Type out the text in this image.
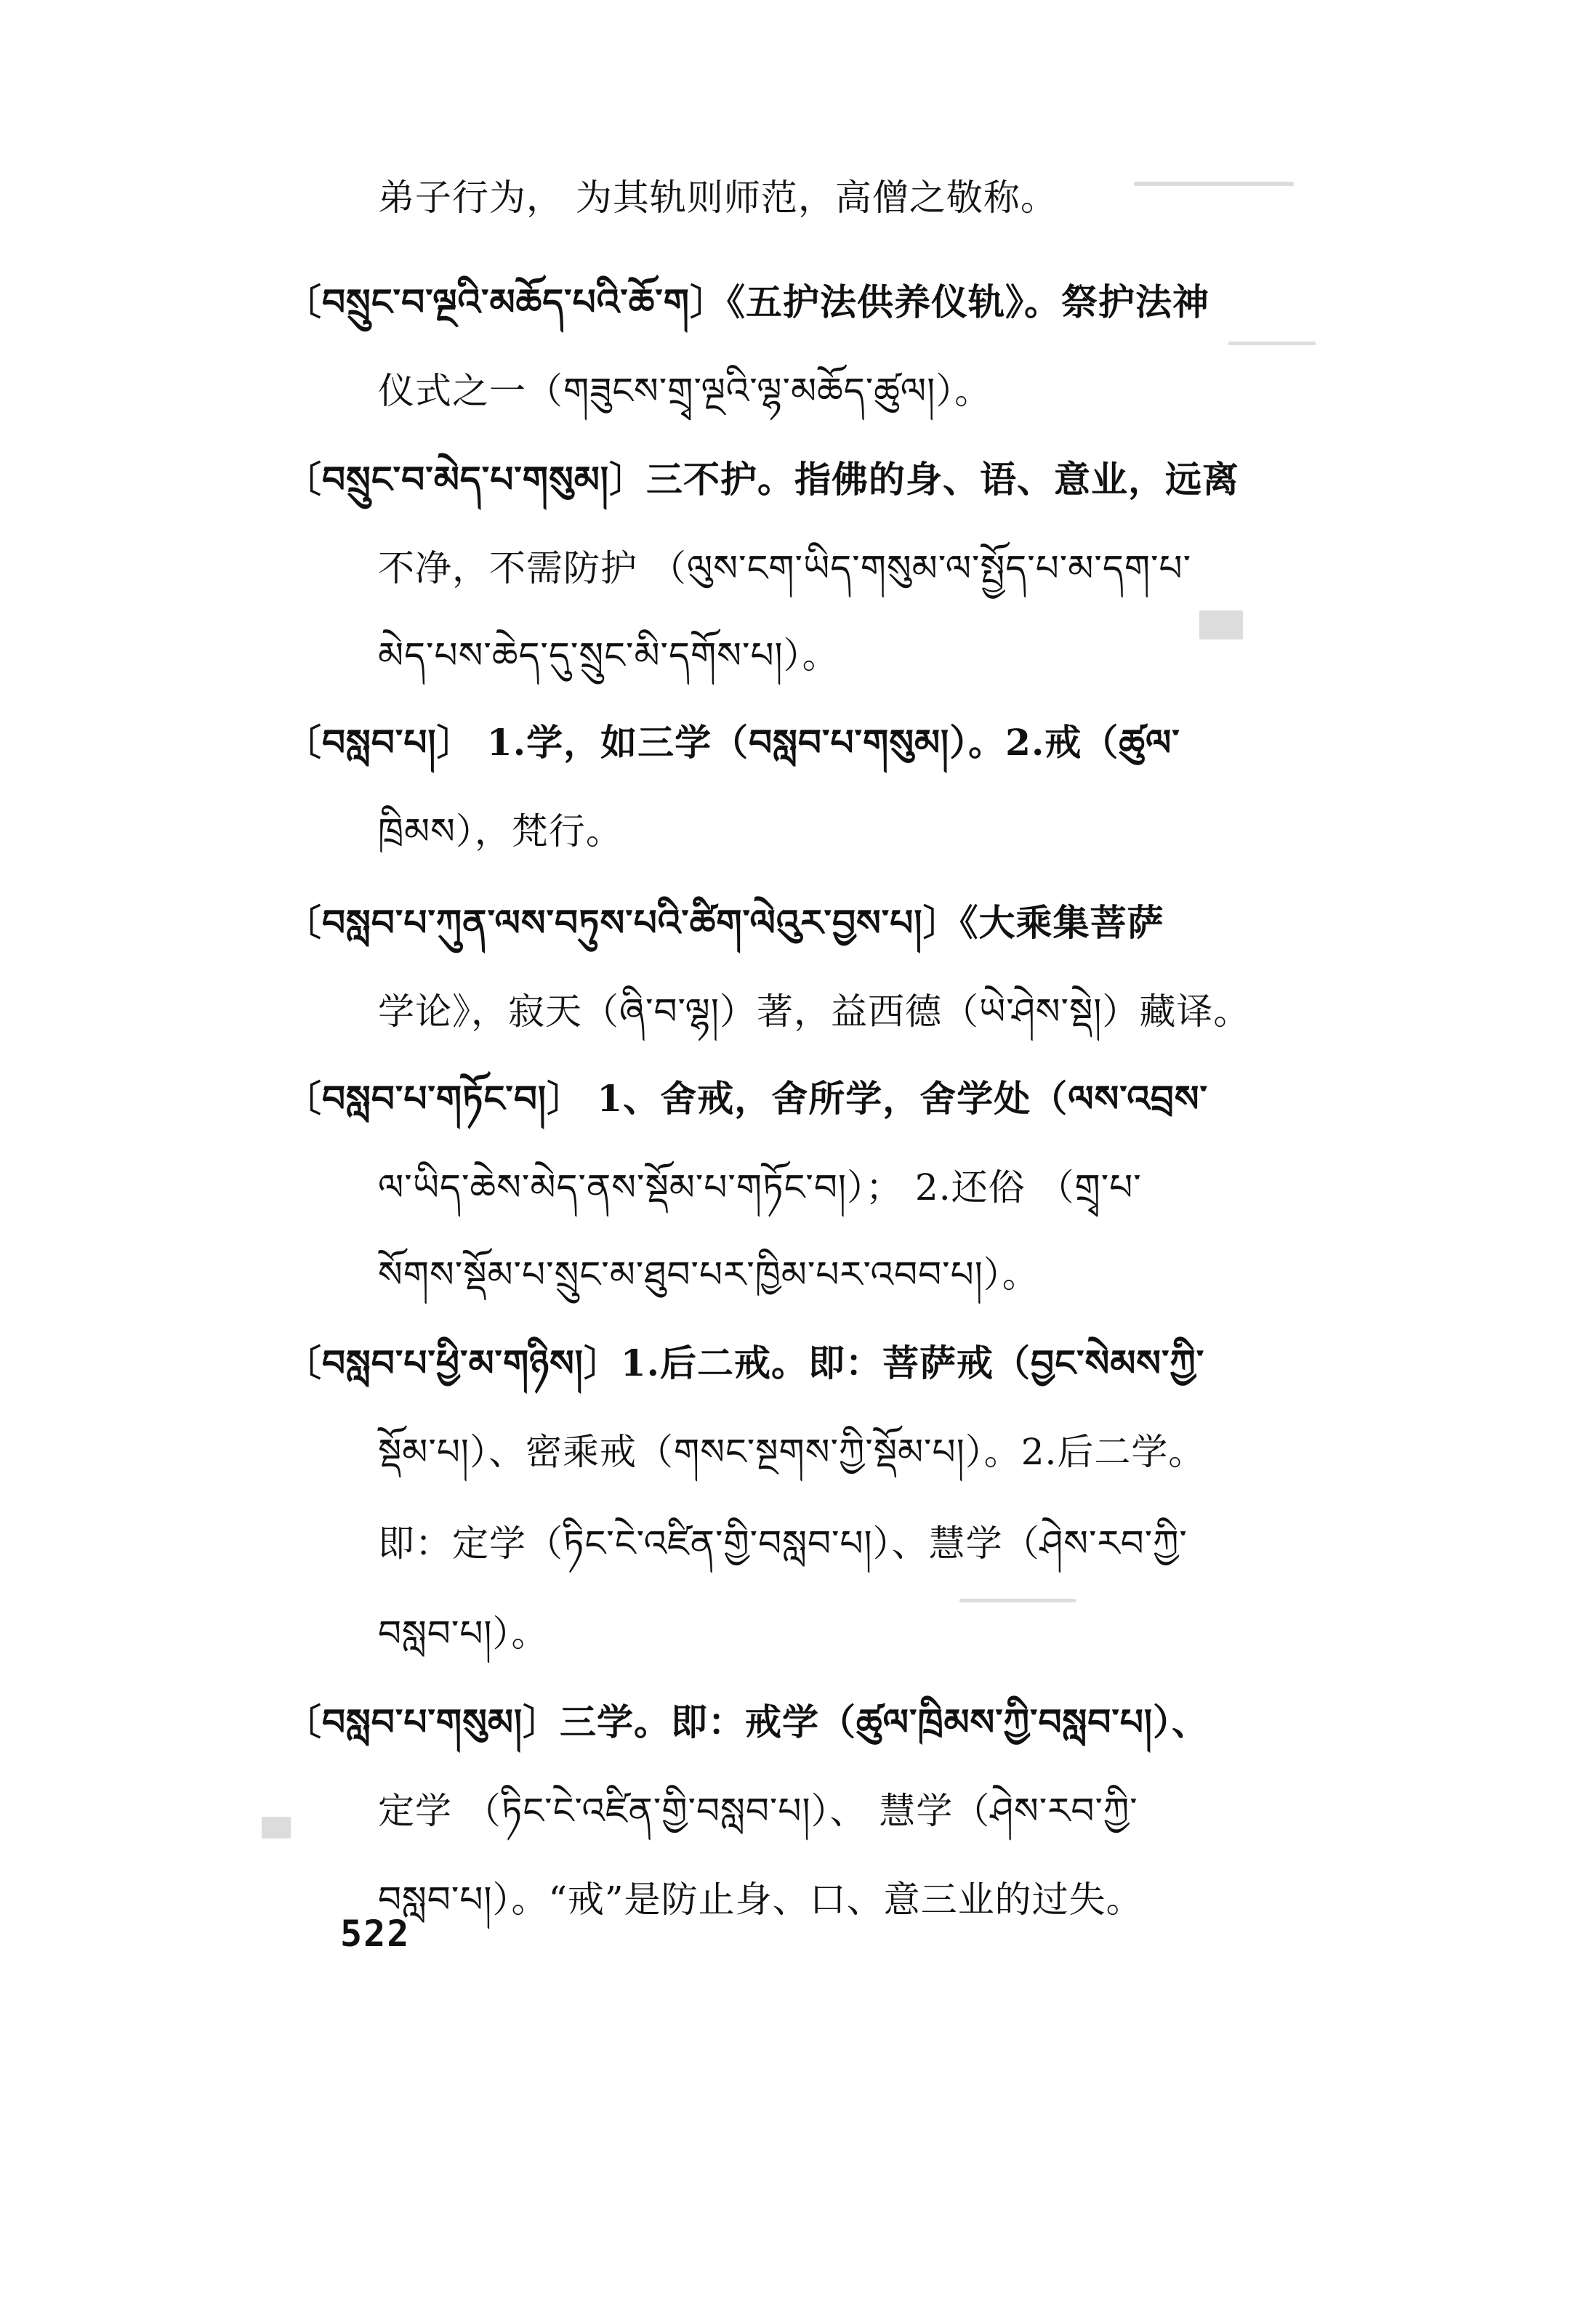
弟子行为， 为其轨则师范，高僧之敬称。
〔བསྲུང་བ་ལྔའི་མཆོད་པའི་ཆོ་ག〕《五护法供养仪轨》。祭护法神
仪式之一（གཟུངས་གྲྭ་ལྔའི་ལྷ་མཆོད་ཚུལ།）。
〔བསྲུང་བ་མེད་པ་གསུམ།〕三不护。指佛的身、语、意业，远离
不净，不需防护 （ལུས་ངག་ཡིད་གསུམ་ལ་སྤྱོད་པ་མ་དག་པ་
མེད་པས་ཆེད་དུ་སྲུང་མི་དགོས་པ།）。
〔བསླབ་པ།〕 1.学，如三学（བསླབ་པ་གསུམ།）。2.戒（ཚུལ་
ཁྲིམས），梵行。
〔བསླབ་པ་ཀུན་ལས་བཏུས་པའི་ཚིག་ལེའུར་བྱས་པ།〕《大乘集菩萨
学论》，寂天（ཞི་བ་ལྷ།）著，益西德（ཡེ་ཤེས་སྡེ།）藏译。
〔བསླབ་པ་གཏོང་བ།〕 1、舍戒，舍所学，舍学处（ལས་འབྲས་
ལ་ཡིད་ཆེས་མེད་ནས་སྡོམ་པ་གཏོང་བ།）； 2.还俗 （གྲྭ་པ་
སོགས་སྡོམ་པ་སྲུང་མ་ཐུབ་པར་ཁྱིམ་པར་འབབ་པ།）。
〔བསླབ་པ་ཕྱི་མ་གཉིས།〕1.后二戒。即：菩萨戒（བྱང་སེམས་ཀྱི་
སྡོམ་པ།）、密乘戒（གསང་སྔགས་ཀྱི་སྡོམ་པ།）。2.后二学。
即：定学（ཏིང་ངེ་འཛིན་གྱི་བསླབ་པ།）、慧学（ཤེས་རབ་ཀྱི་
བསླབ་པ།）。
〔བསླབ་པ་གསུམ།〕三学。即：戒学（ཚུལ་ཁྲིམས་ཀྱི་བསླབ་པ།）、
定学 （ཏིང་ངེ་འཛིན་གྱི་བསླབ་པ།）、 慧学（ཤེས་རབ་ཀྱི་
བསླབ་པ།）。“戒”是防止身、口、意三业的过失。
522
